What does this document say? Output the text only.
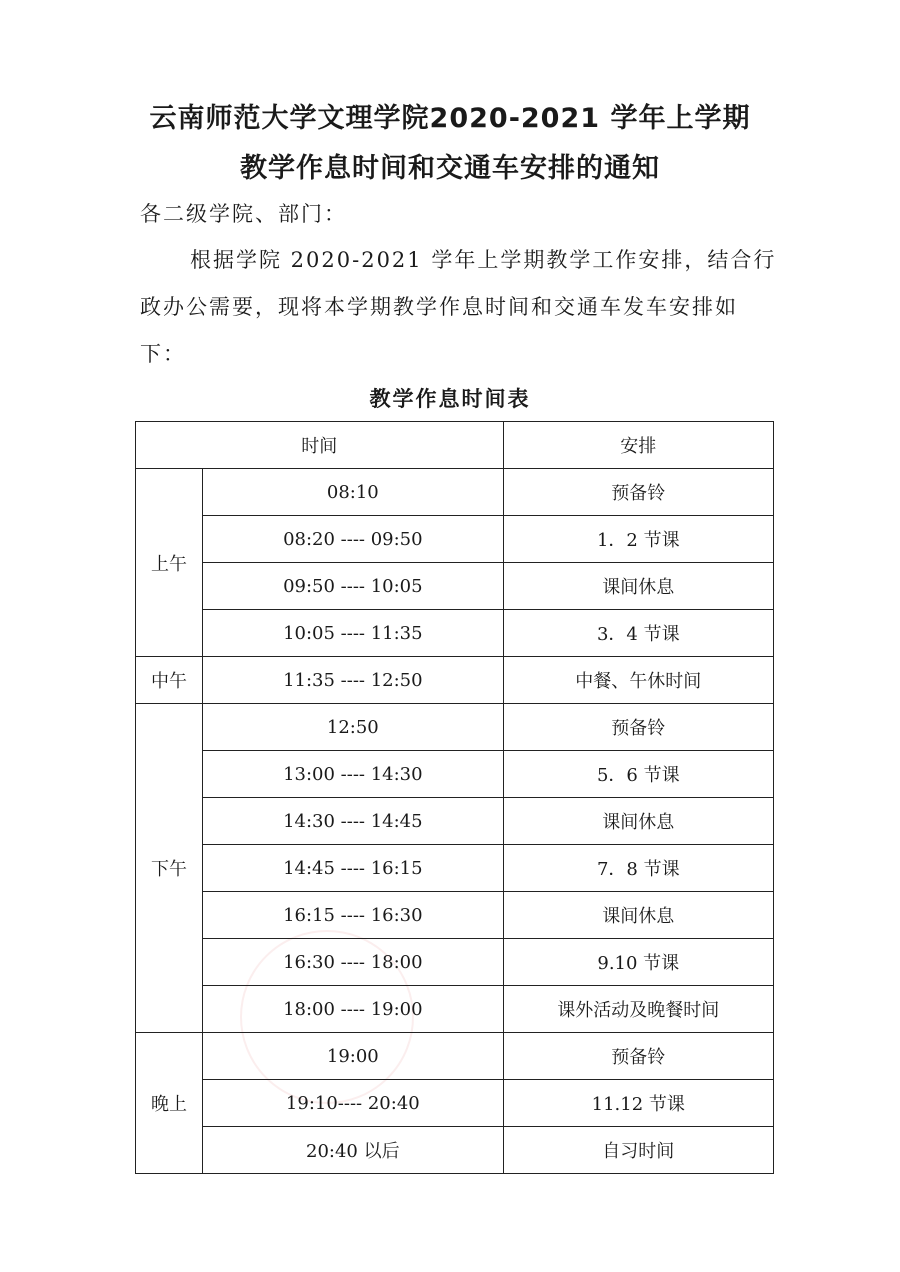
云南师范大学文理学院2020-2021 学年上学期
教学作息时间和交通车安排的通知
各二级学院、部门：
根据学院 2020-2021 学年上学期教学工作安排，结合行
政办公需要，现将本学期教学作息时间和交通车发车安排如
下：
教学作息时间表
时间		安排
上午	08:10	预备铃
	08:20 ---- 09:50	1．2 节课
	09:50 ---- 10:05	课间休息
	10:05 ---- 11:35	3．4 节课
中午	11:35 ---- 12:50	中餐、午休时间
下午	12:50	预备铃
	13:00 ---- 14:30	5．6 节课
	14:30 ---- 14:45	课间休息
	14:45 ---- 16:15	7．8 节课
	16:15 ---- 16:30	课间休息
	16:30 ---- 18:00	9.10 节课
	18:00 ---- 19:00	课外活动及晚餐时间
晚上	19:00	预备铃
	19:10---- 20:40	11.12 节课
	20:40 以后	自习时间
